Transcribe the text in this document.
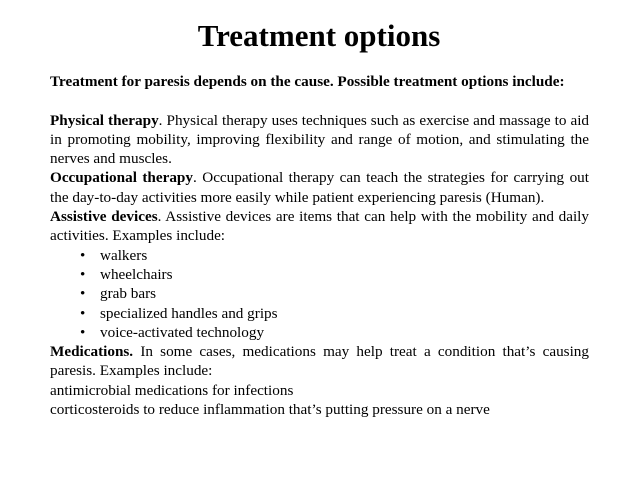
Treatment options

Treatment for paresis depends on the cause. Possible treatment options include:

Physical therapy. Physical therapy uses techniques such as exercise and massage to aid in promoting mobility, improving flexibility and range of motion, and stimulating the nerves and muscles.

Occupational therapy. Occupational therapy can teach the strategies for carrying out the day-to-day activities more easily while patient experiencing paresis (Human).

Assistive devices. Assistive devices are items that can help with the mobility and daily activities. Examples include:

• walkers
• wheelchairs
• grab bars
• specialized handles and grips
• voice-activated technology

Medications. In some cases, medications may help treat a condition that’s causing paresis. Examples include:

antimicrobial medications for infections

corticosteroids to reduce inflammation that’s putting pressure on a nerve
